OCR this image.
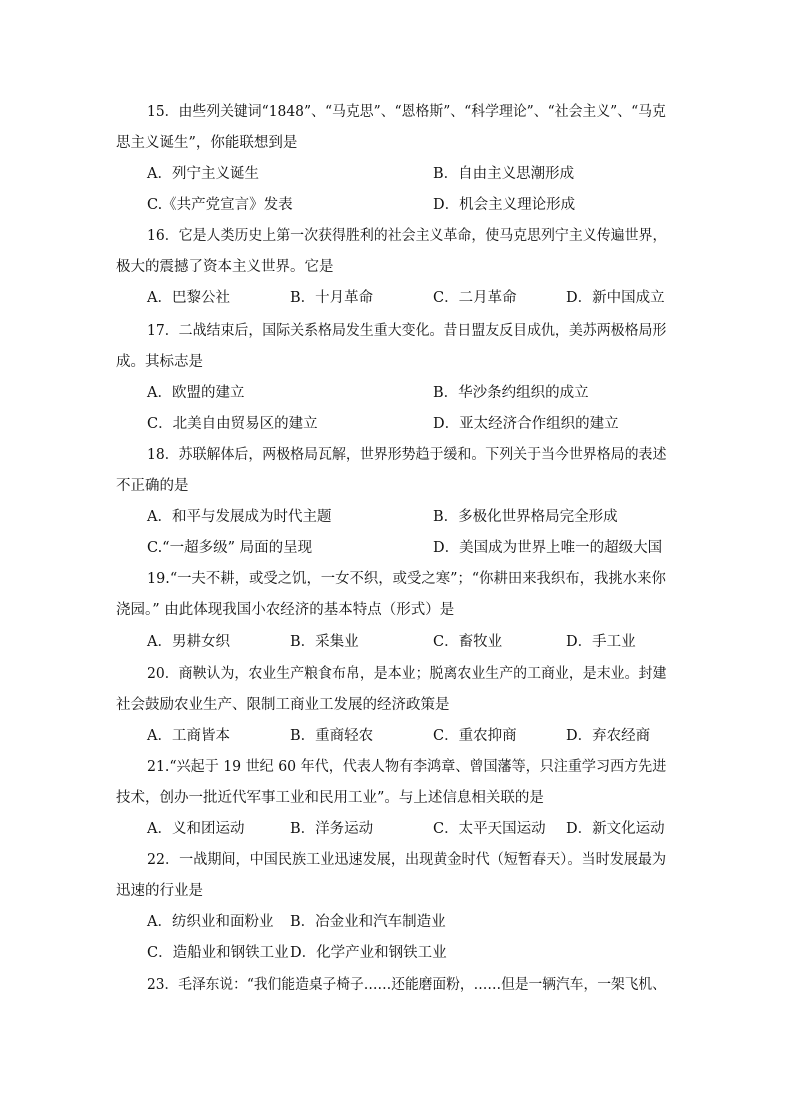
15．由些列关键词“1848”、“马克思”、“恩格斯”、“科学理论”、“社会主义”、“马克
思主义诞生”，你能联想到是
A．列宁主义诞生	B．自由主义思潮形成
C.《共产党宣言》发表	D．机会主义理论形成
16．它是人类历史上第一次获得胜利的社会主义革命，使马克思列宁主义传遍世界，
极大的震撼了资本主义世界。它是
A．巴黎公社	B．十月革命	C．二月革命	D．新中国成立
17．二战结束后，国际关系格局发生重大变化。昔日盟友反目成仇，美苏两极格局形
成。其标志是
A．欧盟的建立	B．华沙条约组织的成立
C．北美自由贸易区的建立	D．亚太经济合作组织的建立
18．苏联解体后，两极格局瓦解，世界形势趋于缓和。下列关于当今世界格局的表述
不正确的是
A．和平与发展成为时代主题	B．多极化世界格局完全形成
C.“一超多级” 局面的呈现	D．美国成为世界上唯一的超级大国
19.“一夫不耕，或受之饥，一女不织，或受之寒”；“你耕田来我织布，我挑水来你
浇园。” 由此体现我国小农经济的基本特点（形式）是
A．男耕女织	B．采集业	C．畜牧业	D．手工业
20．商鞅认为，农业生产粮食布帛，是本业；脱离农业生产的工商业，是末业。封建
社会鼓励农业生产、限制工商业工发展的经济政策是
A．工商皆本	B．重商轻农	C．重农抑商	D．弃农经商
21.“兴起于 19 世纪 60 年代，代表人物有李鸿章、曾国藩等，只注重学习西方先进
技术，创办一批近代军事工业和民用工业”。与上述信息相关联的是
A．义和团运动	B．洋务运动	C．太平天国运动 D．新文化运动
22．一战期间，中国民族工业迅速发展，出现黄金时代（短暂春天）。当时发展最为
迅速的行业是
A．纺织业和面粉业 B．冶金业和汽车制造业
C．造船业和钢铁工业 D．化学产业和钢铁工业
23．毛泽东说：“我们能造桌子椅子……还能磨面粉，……但是一辆汽车，一架飞机、
